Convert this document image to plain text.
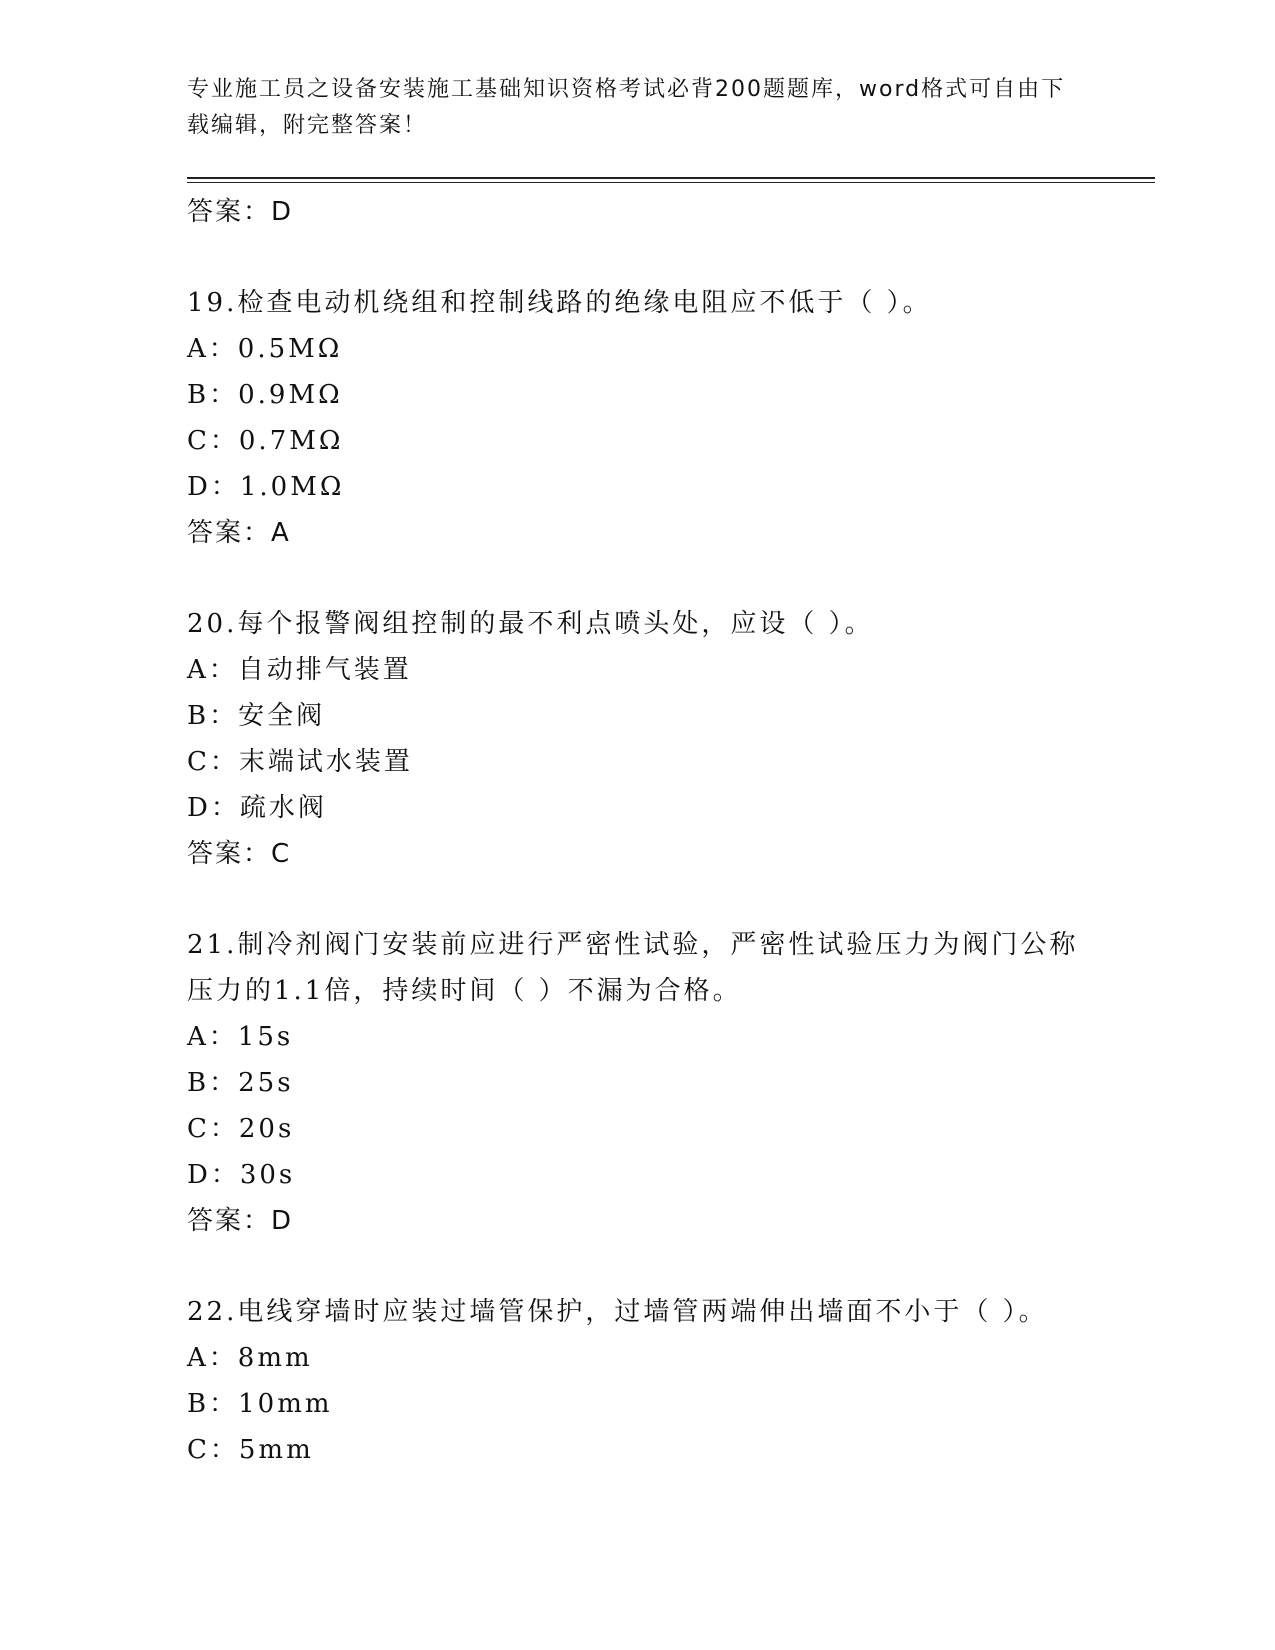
专业施工员之设备安装施工基础知识资格考试必背200题题库，word格式可自由下载编辑，附完整答案！
答案：D
19.检查电动机绕组和控制线路的绝缘电阻应不低于（ ）。
A：0.5MΩ
B：0.9MΩ
C：0.7MΩ
D：1.0MΩ
答案：A
20.每个报警阀组控制的最不利点喷头处，应设（ ）。
A：自动排气装置
B：安全阀
C：末端试水装置
D：疏水阀
答案：C
21.制冷剂阀门安装前应进行严密性试验，严密性试验压力为阀门公称压力的1.1倍，持续时间（ ）不漏为合格。
A：15s
B：25s
C：20s
D：30s
答案：D
22.电线穿墙时应装过墙管保护，过墙管两端伸出墙面不小于（ ）。
A：8mm
B：10mm
C：5mm
